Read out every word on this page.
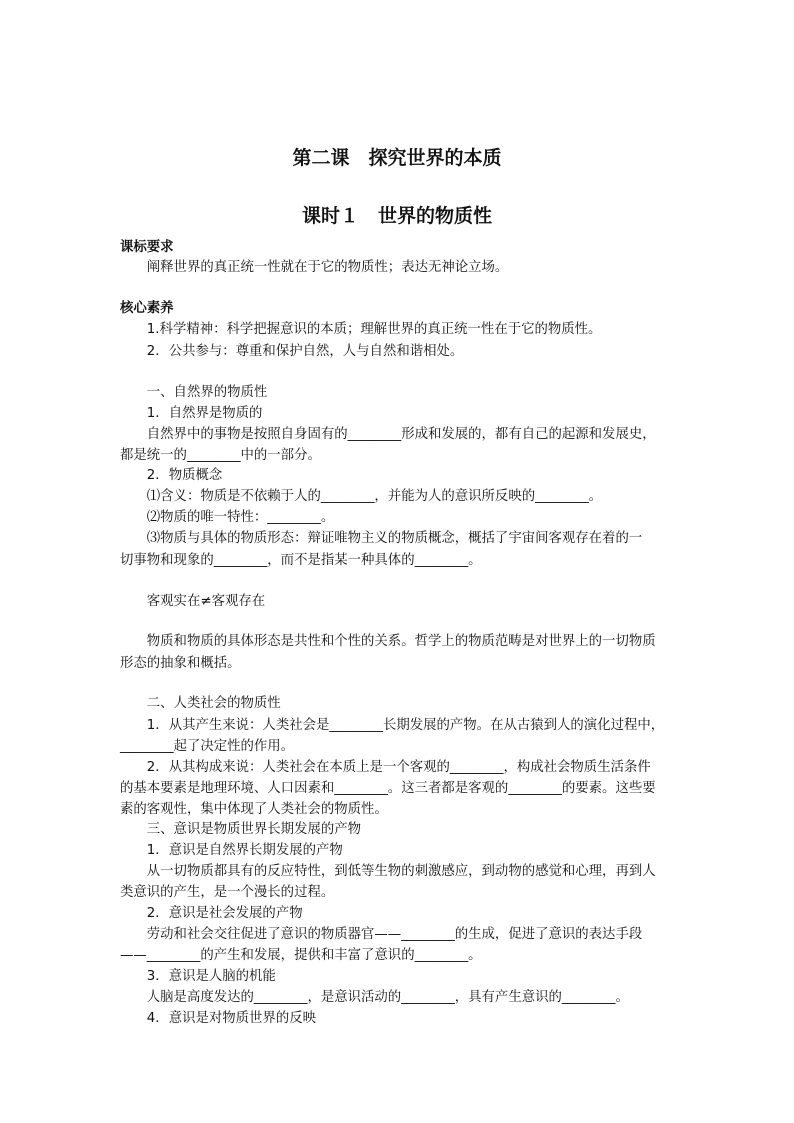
第二课　探究世界的本质
课时１　世界的物质性
课标要求
　　阐释世界的真正统一性就在于它的物质性；表达无神论立场。
核心素养
　　1.科学精神：科学把握意识的本质；理解世界的真正统一性在于它的物质性。
　　2．公共参与：尊重和保护自然，人与自然和谐相处。
　　一、自然界的物质性
　　1．自然界是物质的
　　自然界中的事物是按照自身固有的________形成和发展的，都有自己的起源和发展史，
都是统一的________中的一部分。
　　2．物质概念
　　⑴含义：物质是不依赖于人的________，并能为人的意识所反映的________。
　　⑵物质的唯一特性：________。
　　⑶物质与具体的物质形态：辩证唯物主义的物质概念，概括了宇宙间客观存在着的一
切事物和现象的________，而不是指某一种具体的________。
　　客观实在≠客观存在
　　物质和物质的具体形态是共性和个性的关系。哲学上的物质范畴是对世界上的一切物质
形态的抽象和概括。
　　二、人类社会的物质性
　　1．从其产生来说：人类社会是________长期发展的产物。在从古猿到人的演化过程中，
________起了决定性的作用。
　　2．从其构成来说：人类社会在本质上是一个客观的________，构成社会物质生活条件
的基本要素是地理环境、人口因素和________。这三者都是客观的________的要素。这些要
素的客观性，集中体现了人类社会的物质性。
　　三、意识是物质世界长期发展的产物
　　1．意识是自然界长期发展的产物
　　从一切物质都具有的反应特性，到低等生物的刺激感应，到动物的感觉和心理，再到人
类意识的产生，是一个漫长的过程。
　　2．意识是社会发展的产物
　　劳动和社会交往促进了意识的物质器官——________的生成，促进了意识的表达手段
——________的产生和发展，提供和丰富了意识的________。
　　3．意识是人脑的机能
　　人脑是高度发达的________，是意识活动的________，具有产生意识的________。
　　4．意识是对物质世界的反映
